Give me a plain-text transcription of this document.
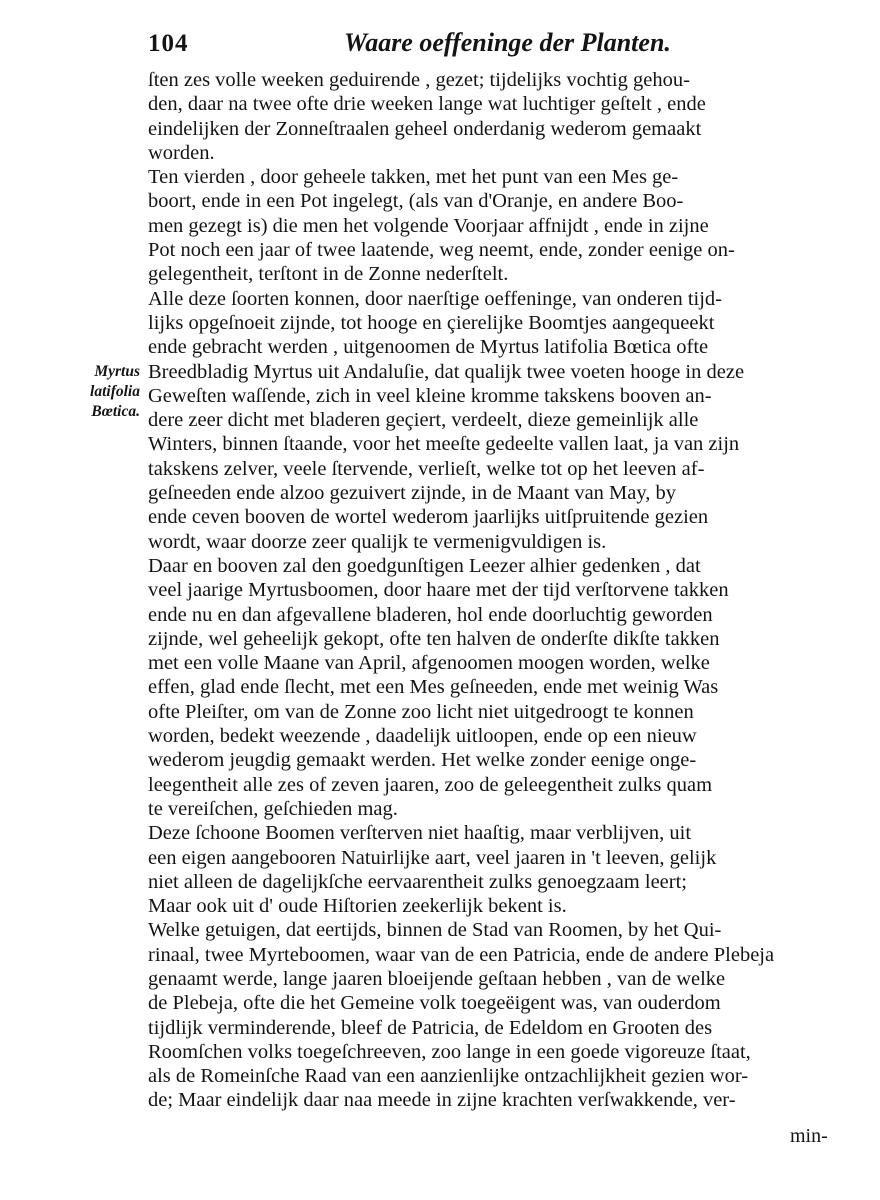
104	Waare oeffeninge der Planten.
Myrtus
latifolia
Bœtica.
ſten zes volle weeken geduirende , gezet; tijdelijks vochtig gehou-
den, daar na twee ofte drie weeken lange wat luchtiger geſtelt , ende
eindelijken der Zonneſtraalen geheel onderdanig wederom gemaakt
worden.
Ten vierden , door geheele takken, met het punt van een Mes ge-
boort, ende in een Pot ingelegt, (als van d'Oranje, en andere Boo-
men gezegt is) die men het volgende Voorjaar affnijdt , ende in zijne
Pot noch een jaar of twee laatende, weg neemt, ende, zonder eenige on-
gelegentheit, terſtont in de Zonne nederſtelt.
Alle deze ſoorten konnen, door naerſtige oeffeninge, van onderen tijd-
lijks opgeſnoeit zijnde, tot hooge en çierelijke Boomtjes aangequeekt
ende gebracht werden , uitgenoomen de Myrtus latifolia Bœtica ofte
Breedbladig Myrtus uit Andaluſie, dat qualijk twee voeten hooge in deze
Geweſten waſſende, zich in veel kleine kromme takskens booven an-
dere zeer dicht met bladeren geçiert, verdeelt, dieze gemeinlijk alle
Winters, binnen ſtaande, voor het meeſte gedeelte vallen laat, ja van zijn
takskens zelver, veele ſtervende, verlieſt, welke tot op het leeven af-
geſneeden ende alzoo gezuivert zijnde, in de Maant van May, by
ende ceven booven de wortel wederom jaarlijks uitſpruitende gezien
wordt, waar doorze zeer qualijk te vermenigvuldigen is.
Daar en booven zal den goedgunſtigen Leezer alhier gedenken , dat
veel jaarige Myrtusboomen, door haare met der tijd verſtorvene takken
ende nu en dan afgevallene bladeren, hol ende doorluchtig geworden
zijnde, wel geheelijk gekopt, ofte ten halven de onderſte dikſte takken
met een volle Maane van April, afgenoomen moogen worden, welke
effen, glad ende ſlecht, met een Mes geſneeden, ende met weinig Was
ofte Pleiſter, om van de Zonne zoo licht niet uitgedroogt te konnen
worden, bedekt weezende , daadelijk uitloopen, ende op een nieuw
wederom jeugdig gemaakt werden. Het welke zonder eenige onge-
leegentheit alle zes of zeven jaaren, zoo de geleegentheit zulks quam
te vereiſchen, geſchieden mag.
Deze ſchoone Boomen verſterven niet haaſtig, maar verblijven, uit
een eigen aangebooren Natuirlijke aart, veel jaaren in 't leeven, gelijk
niet alleen de dagelijkſche eervaarentheit zulks genoegzaam leert;
Maar ook uit d' oude Hiſtorien zeekerlijk bekent is.
Welke getuigen, dat eertijds, binnen de Stad van Roomen, by het Qui-
rinaal, twee Myrteboomen, waar van de een Patricia, ende de andere Plebeja
genaamt werde, lange jaaren bloeijende geſtaan hebben , van de welke
de Plebeja, ofte die het Gemeine volk toegeëigent was, van ouderdom
tijdlijk verminderende, bleef de Patricia, de Edeldom en Grooten des
Roomſchen volks toegeſchreeven, zoo lange in een goede vigoreuze ſtaat,
als de Romeinſche Raad van een aanzienlijke ontzachlijkheit gezien wor-
de; Maar eindelijk daar naa meede in zijne krachten verſwakkende, ver-
min-
